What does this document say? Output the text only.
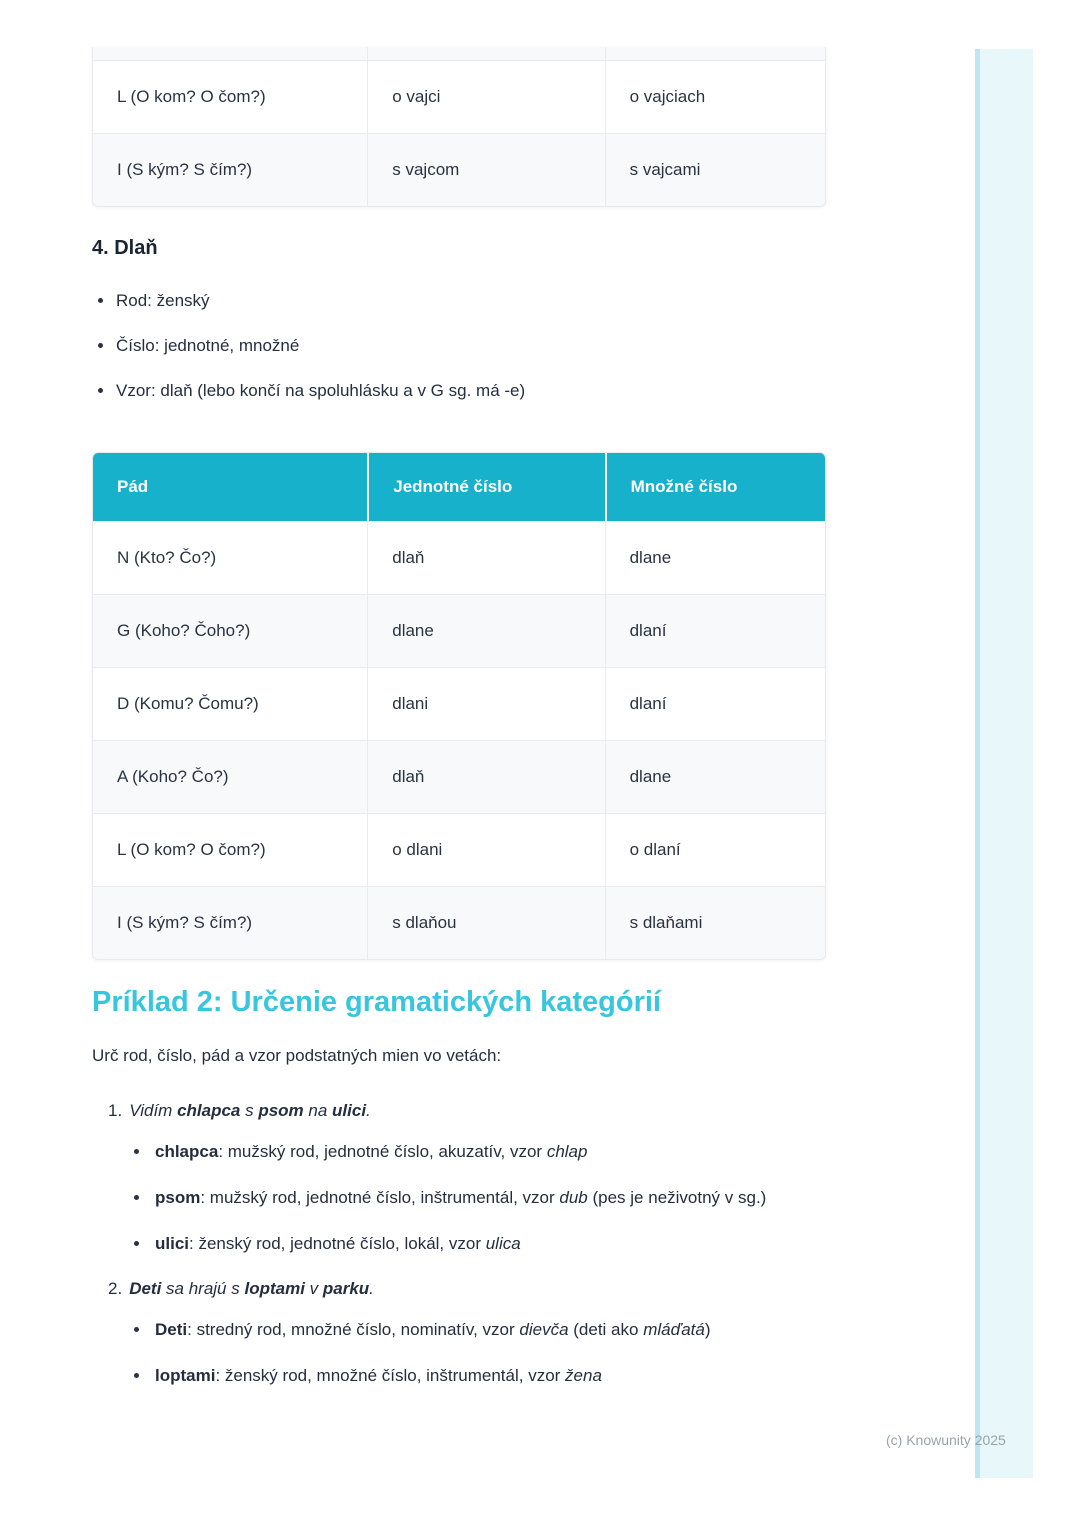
L (O kom? O čom?)	o vajci	o vajciach
I (S kým? S čím?)	s vajcom	s vajcami
4. Dlaň
Rod: ženský
Číslo: jednotné, množné
Vzor: dlaň (lebo končí na spoluhlásku a v G sg. má -e)
Pád	Jednotné číslo	Množné číslo
N (Kto? Čo?)	dlaň	dlane
G (Koho? Čoho?)	dlane	dlaní
D (Komu? Čomu?)	dlani	dlaní
A (Koho? Čo?)	dlaň	dlane
L (O kom? O čom?)	o dlani	o dlaní
I (S kým? S čím?)	s dlaňou	s dlaňami
Príklad 2: Určenie gramatických kategórií
Urč rod, číslo, pád a vzor podstatných mien vo vetách:
1. Vidím chlapca s psom na ulici.
chlapca: mužský rod, jednotné číslo, akuzatív, vzor chlap
psom: mužský rod, jednotné číslo, inštrumentál, vzor dub (pes je neživotný v sg.)
ulici: ženský rod, jednotné číslo, lokál, vzor ulica
2. Deti sa hrajú s loptami v parku.
Deti: stredný rod, množné číslo, nominatív, vzor dievča (deti ako mláďatá)
loptami: ženský rod, množné číslo, inštrumentál, vzor žena
(c) Knowunity 2025
